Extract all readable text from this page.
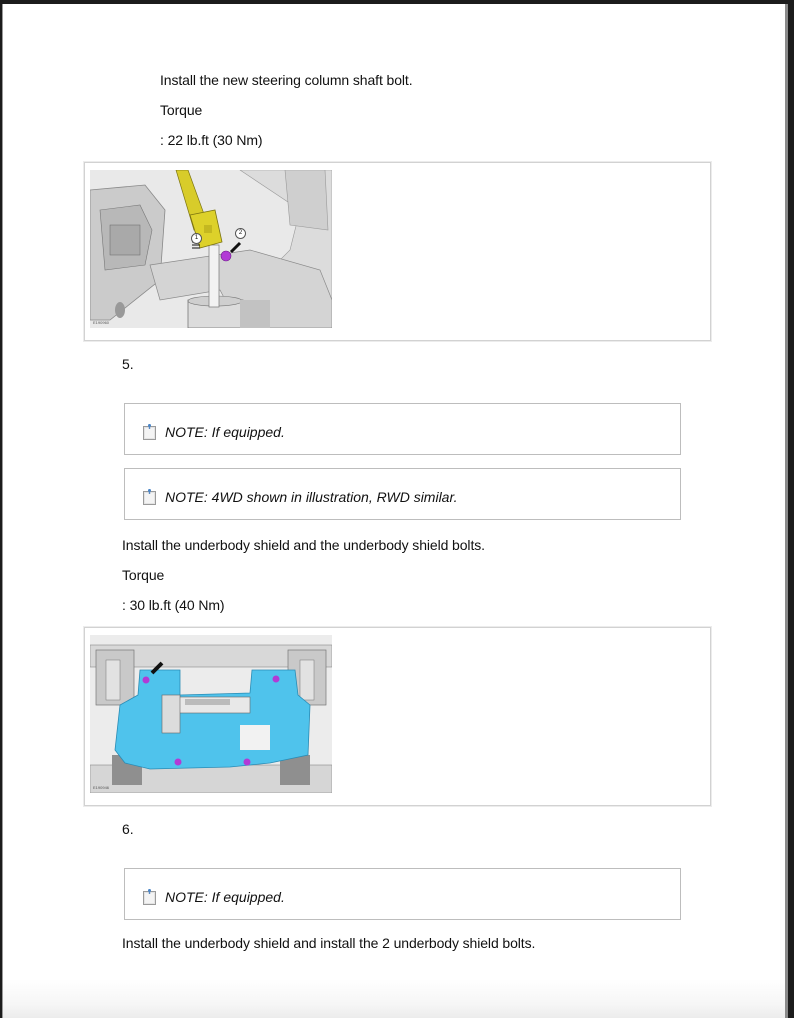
Install the new steering column shaft bolt.
Torque
: 22 lb.ft (30 Nm)
1
2
E190960
5.
NOTE: If equipped.
NOTE: 4WD shown in illustration, RWD similar.
Install the underbody shield and the underbody shield bolts.
Torque
: 30 lb.ft (40 Nm)
E190946
6.
NOTE: If equipped.
Install the underbody shield and install the 2 underbody shield bolts.
